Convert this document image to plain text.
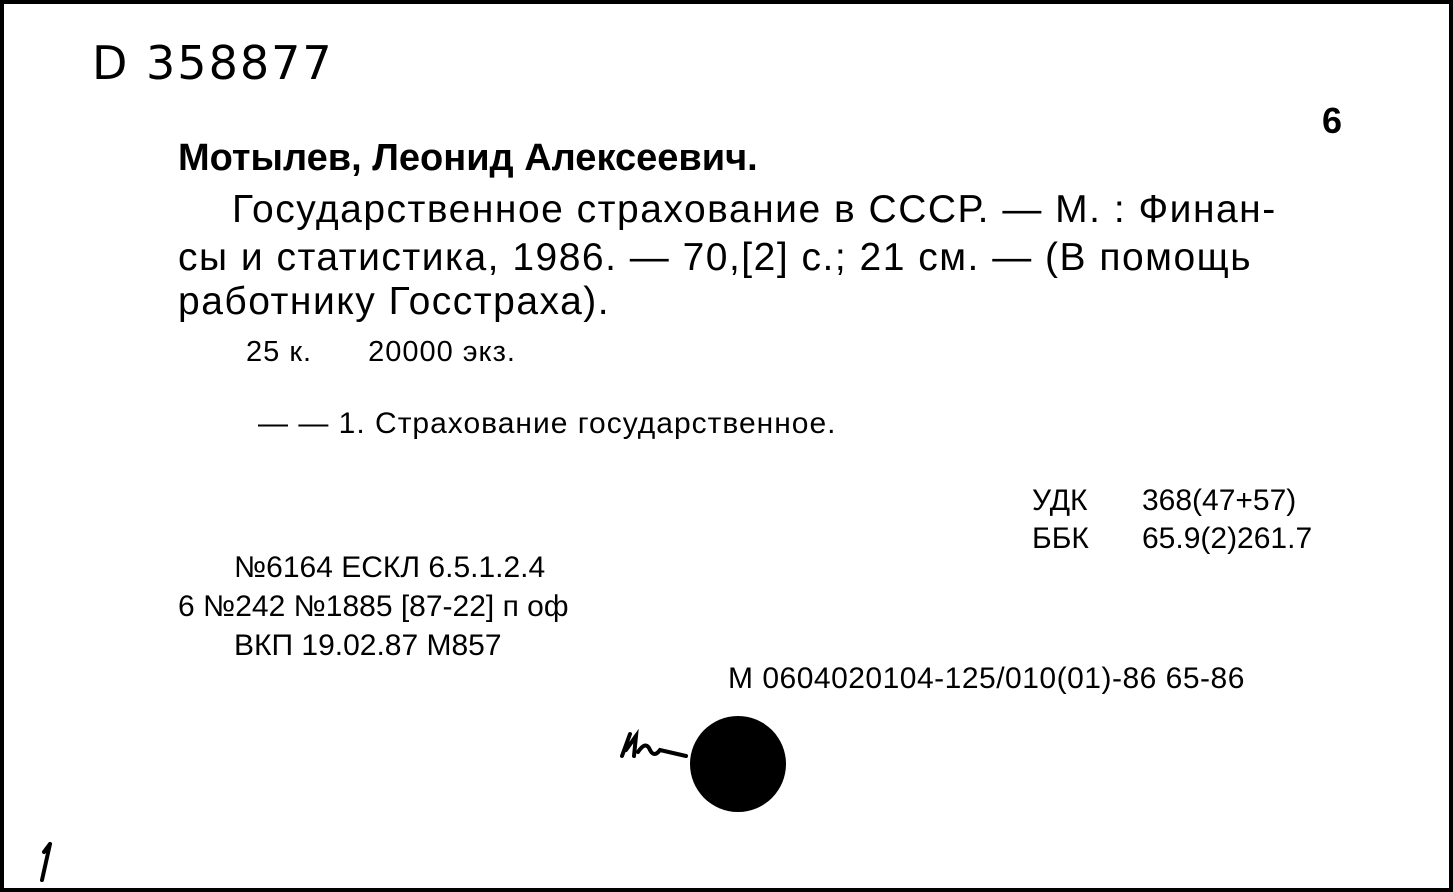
D 358877
6
Мотылев, Леонид Алексеевич.
Государственное страхование в СССР. — М. : Финан-
сы и статистика, 1986. — 70,[2] с.; 21 см. — (В помощь
работнику Госстраха).
25 к. 20000 экз.
— — 1. Страхование государственное.
УДК 368(47+57)
ББК 65.9(2)261.7
№6164 ЕСКЛ 6.5.1.2.4
6 №242 №1885 [87-22] п оф
ВКП 19.02.87 М857
М 0604020104-125/010(01)-86 65-86
